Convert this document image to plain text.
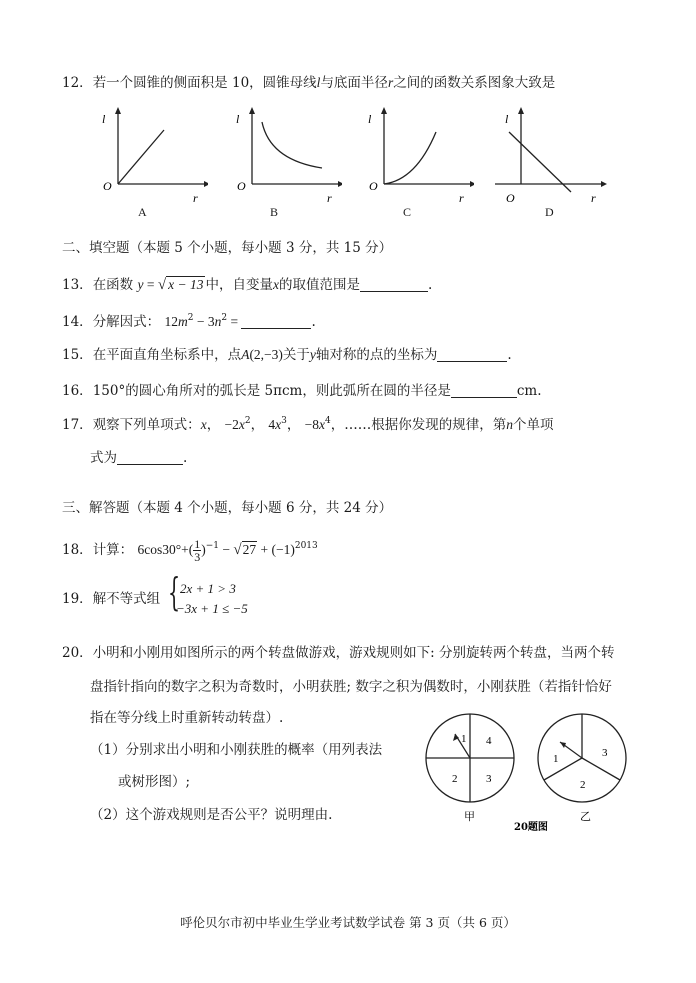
12．若一个圆锥的侧面积是 10，圆锥母线l与底面半径r之间的函数关系图象大致是
l
r
O
A
l
r
O
B
l
r
O
C
l
r
O
D
二、填空题（本题 5 个小题，每小题 3 分，共 15 分）
13．在函数 y = √ x − 13 中，自变量x的取值范围是	.
14．分解因式： $12m^2 - 3n^2$ =	.
15．在平面直角坐标系中，点A(2,−3)关于y轴对称的点的坐标为	.
16．150°的圆心角所对的弧长是 5πcm，则此弧所在圆的半径是	cm.
17．观察下列单项式：x， $-2x^2$， $4x^3$， $-8x^4$，……根据你发现的规律，第n个单项
式为	.
三、解答题（本题 4 个小题，每小题 6 分，共 24 分）
18．计算： $6\cos 30^\circ+( \frac{1}{3} )^{-1} - √27 + (-1)^{2013}$
19．解不等式组 { 2x + 1 > 3
−3x + 1 ≤ −5
20．小明和小刚用如图所示的两个转盘做游戏，游戏规则如下: 分别旋转两个转盘，当两个转
盘指针指向的数字之积为奇数时，小明获胜; 数字之积为偶数时，小刚获胜（若指针恰好
指在等分线上时重新转动转盘）.
（1）分别求出小明和小刚获胜的概率（用列表法
或树形图）;
（2）这个游戏规则是否公平？说明理由.
1 4
2	3
甲
1	3
2
乙
20题图
呼伦贝尔市初中毕业生学业考试数学试卷 第 3 页（共 6 页）
